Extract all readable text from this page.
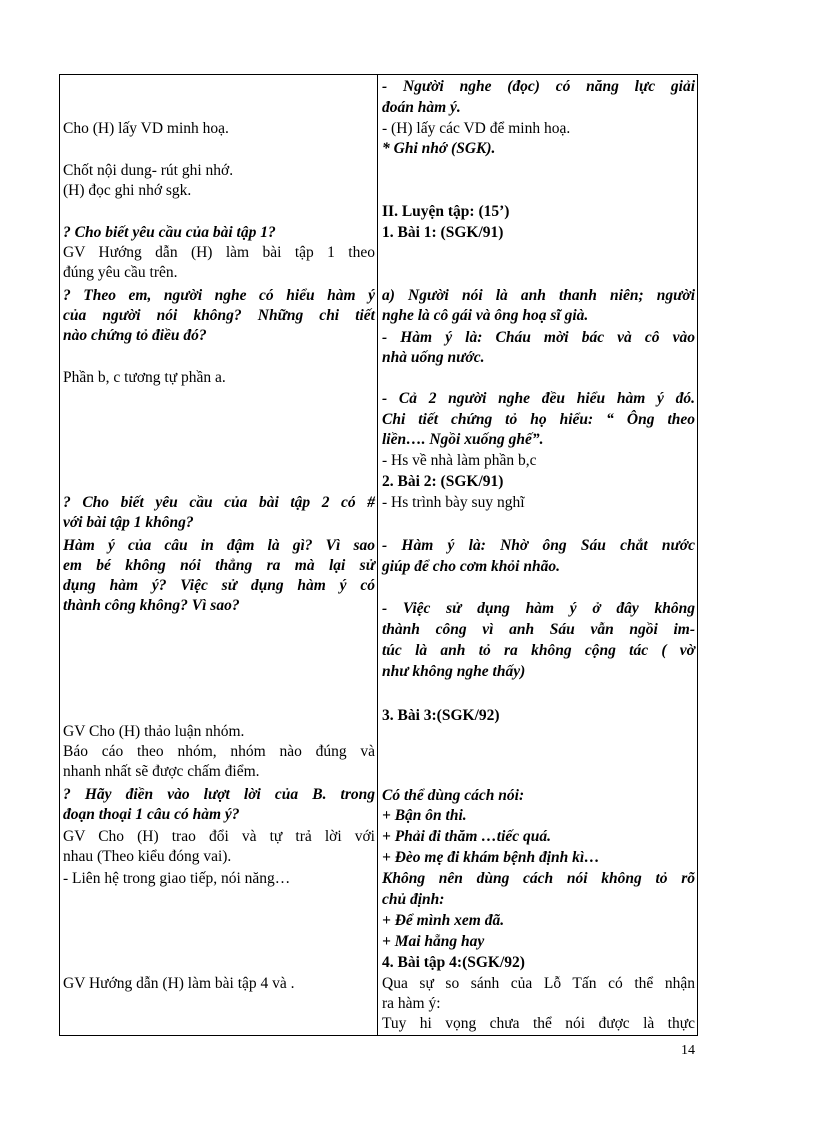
Cho (H) lấy VD minh hoạ.
Chốt nội dung- rút ghi nhớ.
(H) đọc ghi nhớ sgk.
? Cho biết yêu cầu của bài tập 1?
GV Hướng dẫn (H) làm bài tập 1 theo
đúng yêu cầu trên.
? Theo em, người nghe có hiểu hàm ý
của người nói không? Những chi tiết
nào chứng tỏ điều đó?
Phần b, c tương tự phần a.
? Cho biết yêu cầu của bài tập 2 có #
với bài tập 1 không?
Hàm ý của câu in đậm là gì? Vì sao
em bé không nói thẳng ra mà lại sử
dụng hàm ý? Việc sử dụng hàm ý có
thành công không? Vì sao?
GV Cho (H) thảo luận nhóm.
Báo cáo theo nhóm, nhóm nào đúng và
nhanh nhất sẽ được chấm điểm.
? Hãy điền vào lượt lời của B. trong
đoạn thoại 1 câu có hàm ý?
GV Cho (H) trao đổi và tự trả lời với
nhau (Theo kiểu đóng vai).
- Liên hệ trong giao tiếp, nói năng…
GV Hướng dẫn (H) làm bài tập 4 và .
- Người nghe (đọc) có năng lực giải
đoán hàm ý.
- (H) lấy các VD để minh hoạ.
* Ghi nhớ (SGK).
II. Luyện tập: (15’)
1. Bài 1: (SGK/91)
a) Người nói là anh thanh niên; người
nghe là cô gái và ông hoạ sĩ già.
- Hàm ý là: Cháu mời bác và cô vào
nhà uống nước.
- Cả 2 người nghe đều hiểu hàm ý đó.
Chi tiết chứng tỏ họ hiểu: “ Ông theo
liền…. Ngồi xuống ghế”.
- Hs về nhà làm phần b,c
2. Bài 2: (SGK/91)
- Hs trình bày suy nghĩ
- Hàm ý là: Nhờ ông Sáu chắt nước
giúp để cho cơm khỏi nhão.
- Việc sử dụng hàm ý ở đây không
thành công vì anh Sáu vẫn ngồi im-
túc là anh tỏ ra không cộng tác ( vờ
như không nghe thấy)
3. Bài 3:(SGK/92)
Có thể dùng cách nói:
+ Bận ôn thi.
+ Phải đi thăm …tiếc quá.
+ Đèo mẹ đi khám bệnh định kì…
Không nên dùng cách nói không tỏ rõ
chủ định:
+ Để mình xem đã.
+ Mai hẵng hay
4. Bài tập 4:(SGK/92)
Qua sự so sánh của Lỗ Tấn có thể nhận
ra hàm ý:
Tuy hi vọng chưa thể nói được là thực
14
